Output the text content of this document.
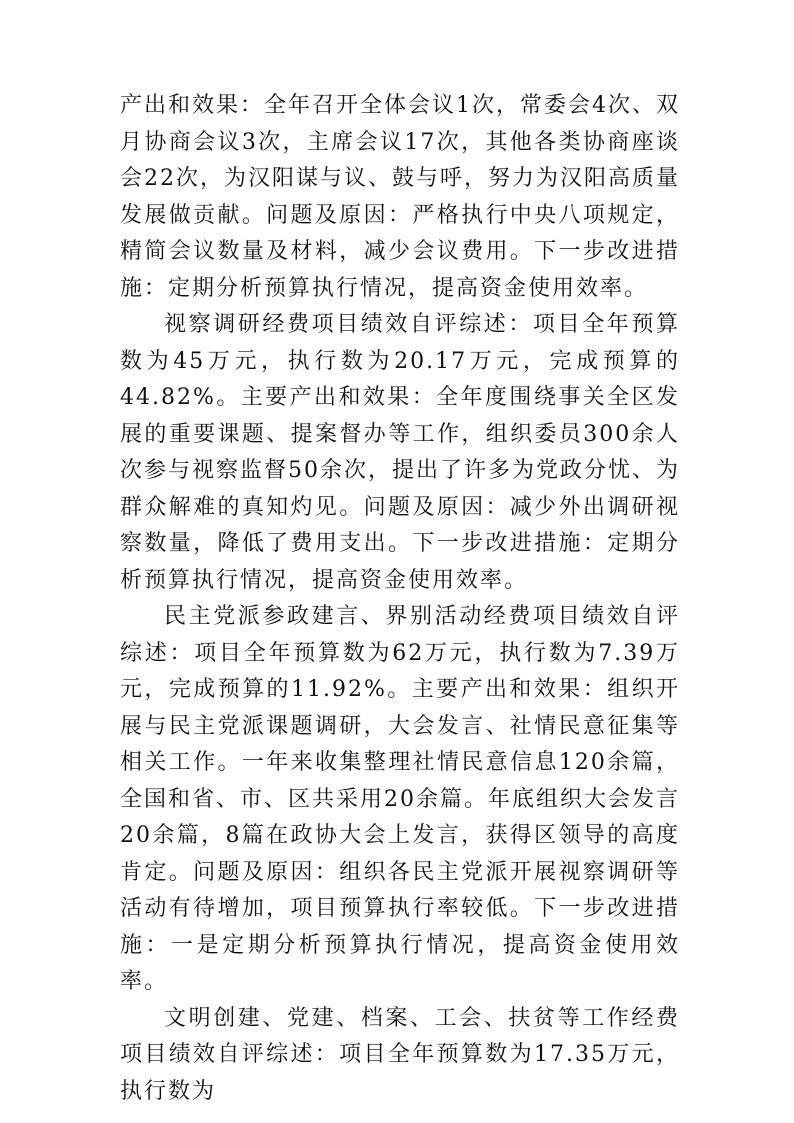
产出和效果：全年召开全体会议1次，常委会4次、双月协商会议3次，主席会议17次，其他各类协商座谈会22次，为汉阳谋与议、鼓与呼，努力为汉阳高质量发展做贡献。问题及原因：严格执行中央八项规定，精简会议数量及材料，减少会议费用。下一步改进措施：定期分析预算执行情况，提高资金使用效率。

视察调研经费项目绩效自评综述：项目全年预算数为45万元，执行数为20.17万元，完成预算的44.82%。主要产出和效果：全年度围绕事关全区发展的重要课题、提案督办等工作，组织委员300余人次参与视察监督50余次，提出了许多为党政分忧、为群众解难的真知灼见。问题及原因：减少外出调研视察数量，降低了费用支出。下一步改进措施：定期分析预算执行情况，提高资金使用效率。

民主党派参政建言、界别活动经费项目绩效自评综述：项目全年预算数为62万元，执行数为7.39万元，完成预算的11.92%。主要产出和效果：组织开展与民主党派课题调研，大会发言、社情民意征集等相关工作。一年来收集整理社情民意信息120余篇，全国和省、市、区共采用20余篇。年底组织大会发言20余篇，8篇在政协大会上发言，获得区领导的高度肯定。问题及原因：组织各民主党派开展视察调研等活动有待增加，项目预算执行率较低。下一步改进措施：一是定期分析预算执行情况，提高资金使用效率。

文明创建、党建、档案、工会、扶贫等工作经费项目绩效自评综述：项目全年预算数为17.35万元，执行数为
